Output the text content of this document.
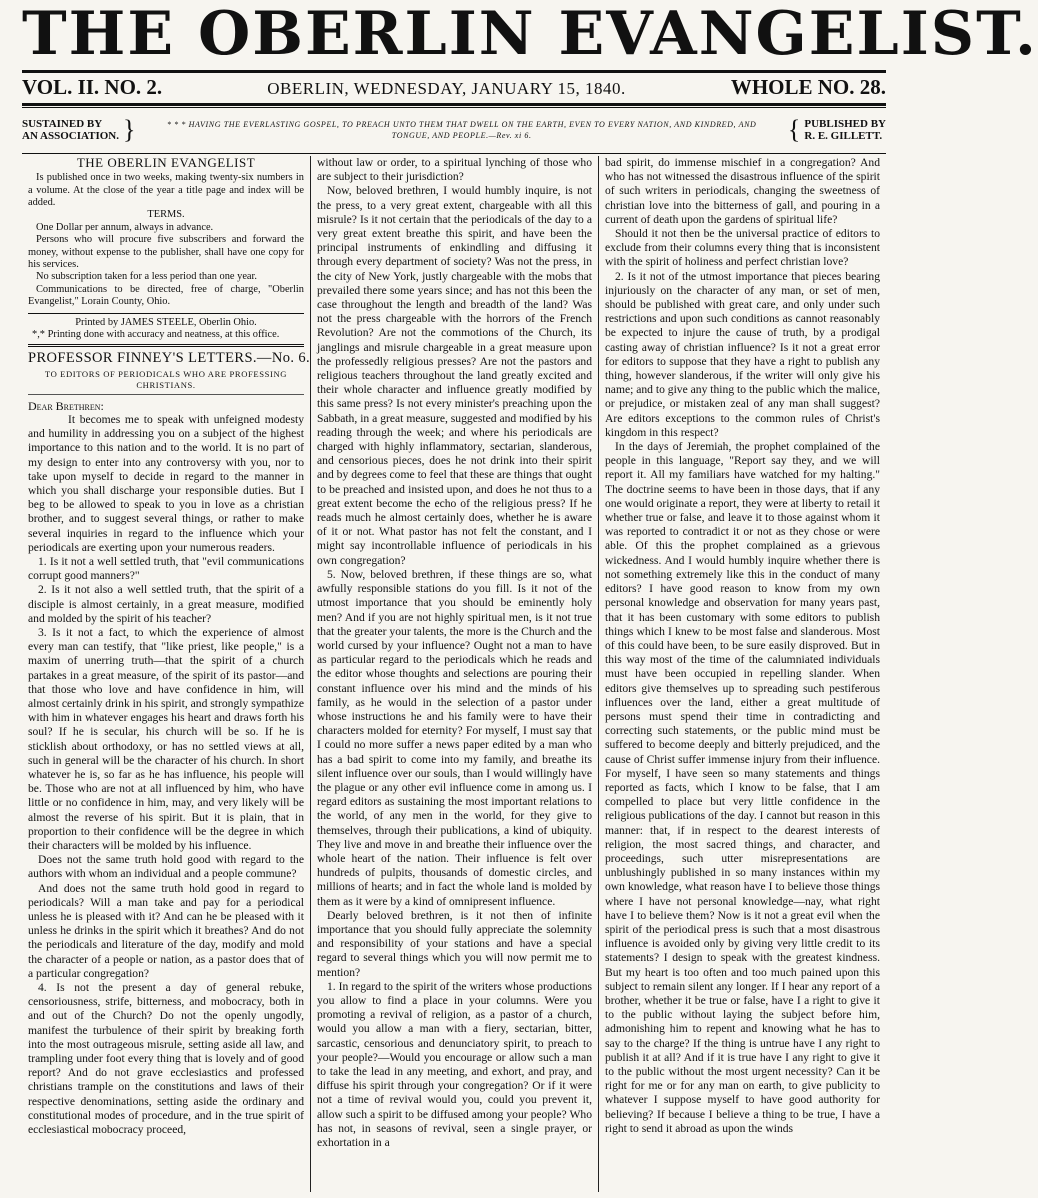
THE OBERLIN EVANGELIST.
VOL. II. NO. 2.	OBERLIN, WEDNESDAY, JANUARY 15, 1840.	WHOLE NO. 28.
SUSTAINED BY
AN ASSOCIATION. }	* * * HAVING THE EVERLASTING GOSPEL, TO PREACH UNTO THEM THAT DWELL ON THE EARTH, EVEN TO EVERY NATION, AND KINDRED, AND TONGUE, AND PEOPLE.—Rev. xi 6.	{ PUBLISHED BY
R. E. GILLETT.
THE OBERLIN EVANGELIST

Is published once in two weeks, making twenty-six numbers in a volume. At the close of the year a title page and index will be added.

TERMS.

One Dollar per annum, always in advance.

Persons who will procure five subscribers and forward the money, without expense to the publisher, shall have one copy for his services.

No subscription taken for a less period than one year.

Communications to be directed, free of charge, "Oberlin Evangelist," Lorain County, Ohio.

Printed by JAMES STEELE, Oberlin Ohio.

*,* Printing done with accuracy and neatness, at this office.

PROFESSOR FINNEY'S LETTERS.—No. 6.
TO EDITORS OF PERIODICALS WHO ARE PROFESSING CHRISTIANS.

Dear Brethren:

It becomes me to speak with unfeigned modesty and humility in addressing you on a subject of the highest importance to this nation and to the world. It is no part of my design to enter into any controversy with you, nor to take upon myself to decide in regard to the manner in which you shall discharge your responsible duties. But I beg to be allowed to speak to you in love as a christian brother, and to suggest several things, or rather to make several inquiries in regard to the influence which your periodicals are exerting upon your numerous readers.

1. Is it not a well settled truth, that "evil communications corrupt good manners?"

2. Is it not also a well settled truth, that the spirit of a disciple is almost certainly, in a great measure, modified and molded by the spirit of his teacher?

3. Is it not a fact, to which the experience of almost every man can testify, that "like priest, like people," is a maxim of unerring truth—that the spirit of a church partakes in a great measure, of the spirit of its pastor—and that those who love and have confidence in him, will almost certainly drink in his spirit, and strongly sympathize with him in whatever engages his heart and draws forth his soul? If he is secular, his church will be so. If he is sticklish about orthodoxy, or has no settled views at all, such in general will be the character of his church. In short whatever he is, so far as he has influence, his people will be. Those who are not at all influenced by him, who have little or no confidence in him, may, and very likely will be almost the reverse of his spirit. But it is plain, that in proportion to their confidence will be the degree in which their characters will be molded by his influence.

Does not the same truth hold good with regard to the authors with whom an individual and a people commune?

And does not the same truth hold good in regard to periodicals? Will a man take and pay for a periodical unless he is pleased with it? And can he be pleased with it unless he drinks in the spirit which it breathes? And do not the periodicals and literature of the day, modify and mold the character of a people or nation, as a pastor does that of a particular congregation?

4. Is not the present a day of general rebuke, censoriousness, strife, bitterness, and mobocracy, both in and out of the Church? Do not the openly ungodly, manifest the turbulence of their spirit by breaking forth into the most outrageous misrule, setting aside all law, and trampling under foot every thing that is lovely and of good report? And do not grave ecclesiastics and professed christians trample on the constitutions and laws of their respective denominations, setting aside the ordinary and constitutional modes of procedure, and in the true spirit of ecclesiastical mobocracy proceed,

without law or order, to a spiritual lynching of those who are subject to their jurisdiction?

Now, beloved brethren, I would humbly inquire, is not the press, to a very great extent, chargeable with all this misrule? Is it not certain that the periodicals of the day to a very great extent breathe this spirit, and have been the principal instruments of enkindling and diffusing it through every department of society? Was not the press, in the city of New York, justly chargeable with the mobs that prevailed there some years since; and has not this been the case throughout the length and breadth of the land? Was not the press chargeable with the horrors of the French Revolution? Are not the commotions of the Church, its janglings and misrule chargeable in a great measure upon the professedly religious presses? Are not the pastors and religious teachers throughout the land greatly excited and their whole character and influence greatly modified by this same press? Is not every minister's preaching upon the Sabbath, in a great measure, suggested and modified by his reading through the week; and where his periodicals are charged with highly inflammatory, sectarian, slanderous, and censorious pieces, does he not drink into their spirit and by degrees come to feel that these are things that ought to be preached and insisted upon, and does he not thus to a great extent become the echo of the religious press? If he reads much he almost certainly does, whether he is aware of it or not. What pastor has not felt the constant, and I might say incontrollable influence of periodicals in his own congregation?

5. Now, beloved brethren, if these things are so, what awfully responsible stations do you fill. Is it not of the utmost importance that you should be eminently holy men? And if you are not highly spiritual men, is it not true that the greater your talents, the more is the Church and the world cursed by your influence? Ought not a man to have as particular regard to the periodicals which he reads and the editor whose thoughts and selections are pouring their constant influence over his mind and the minds of his family, as he would in the selection of a pastor under whose instructions he and his family were to have their characters molded for eternity? For myself, I must say that I could no more suffer a news paper edited by a man who has a bad spirit to come into my family, and breathe its silent influence over our souls, than I would willingly have the plague or any other evil influence come in among us. I regard editors as sustaining the most important relations to the world, of any men in the world, for they give to themselves, through their publications, a kind of ubiquity. They live and move in and breathe their influence over the whole heart of the nation. Their influence is felt over hundreds of pulpits, thousands of domestic circles, and millions of hearts; and in fact the whole land is molded by them as it were by a kind of omnipresent influence.

Dearly beloved brethren, is it not then of infinite importance that you should fully appreciate the solemnity and responsibility of your stations and have a special regard to several things which you will now permit me to mention?

1. In regard to the spirit of the writers whose productions you allow to find a place in your columns. Were you promoting a revival of religion, as a pastor of a church, would you allow a man with a fiery, sectarian, bitter, sarcastic, censorious and denunciatory spirit, to preach to your people?—Would you encourage or allow such a man to take the lead in any meeting, and exhort, and pray, and diffuse his spirit through your congregation? Or if it were not a time of revival would you, could you prevent it, allow such a spirit to be diffused among your people? Who has not, in seasons of revival, seen a single prayer, or exhortation in a

bad spirit, do immense mischief in a congregation? And who has not witnessed the disastrous influence of the spirit of such writers in periodicals, changing the sweetness of christian love into the bitterness of gall, and pouring in a current of death upon the gardens of spiritual life?

Should it not then be the universal practice of editors to exclude from their columns every thing that is inconsistent with the spirit of holiness and perfect christian love?

2. Is it not of the utmost importance that pieces bearing injuriously on the character of any man, or set of men, should be published with great care, and only under such restrictions and upon such conditions as cannot reasonably be expected to injure the cause of truth, by a prodigal casting away of christian influence? Is it not a great error for editors to suppose that they have a right to publish any thing, however slanderous, if the writer will only give his name; and to give any thing to the public which the malice, or prejudice, or mistaken zeal of any man shall suggest? Are editors exceptions to the common rules of Christ's kingdom in this respect?

In the days of Jeremiah, the prophet complained of the people in this language, "Report say they, and we will report it. All my familiars have watched for my halting." The doctrine seems to have been in those days, that if any one would originate a report, they were at liberty to retail it whether true or false, and leave it to those against whom it was reported to contradict it or not as they chose or were able. Of this the prophet complained as a grievous wickedness. And I would humbly inquire whether there is not something extremely like this in the conduct of many editors? I have good reason to know from my own personal knowledge and observation for many years past, that it has been customary with some editors to publish things which I knew to be most false and slanderous. Most of this could have been, to be sure easily disproved. But in this way most of the time of the calumniated individuals must have been occupied in repelling slander. When editors give themselves up to spreading such pestiferous influences over the land, either a great multitude of persons must spend their time in contradicting and correcting such statements, or the public mind must be suffered to become deeply and bitterly prejudiced, and the cause of Christ suffer immense injury from their influence. For myself, I have seen so many statements and things reported as facts, which I know to be false, that I am compelled to place but very little confidence in the religious publications of the day. I cannot but reason in this manner: that, if in respect to the dearest interests of religion, the most sacred things, and character, and proceedings, such utter misrepresentations are unblushingly published in so many instances within my own knowledge, what reason have I to believe those things where I have not personal knowledge—nay, what right have I to believe them? Now is it not a great evil when the spirit of the periodical press is such that a most disastrous influence is avoided only by giving very little credit to its statements? I design to speak with the greatest kindness. But my heart is too often and too much pained upon this subject to remain silent any longer. If I hear any report of a brother, whether it be true or false, have I a right to give it to the public without laying the subject before him, admonishing him to repent and knowing what he has to say to the charge? If the thing is untrue have I any right to publish it at all? And if it is true have I any right to give it to the public without the most urgent necessity? Can it be right for me or for any man on earth, to give publicity to whatever I suppose myself to have good authority for believing? If because I believe a thing to be true, I have a right to send it abroad as upon the winds
